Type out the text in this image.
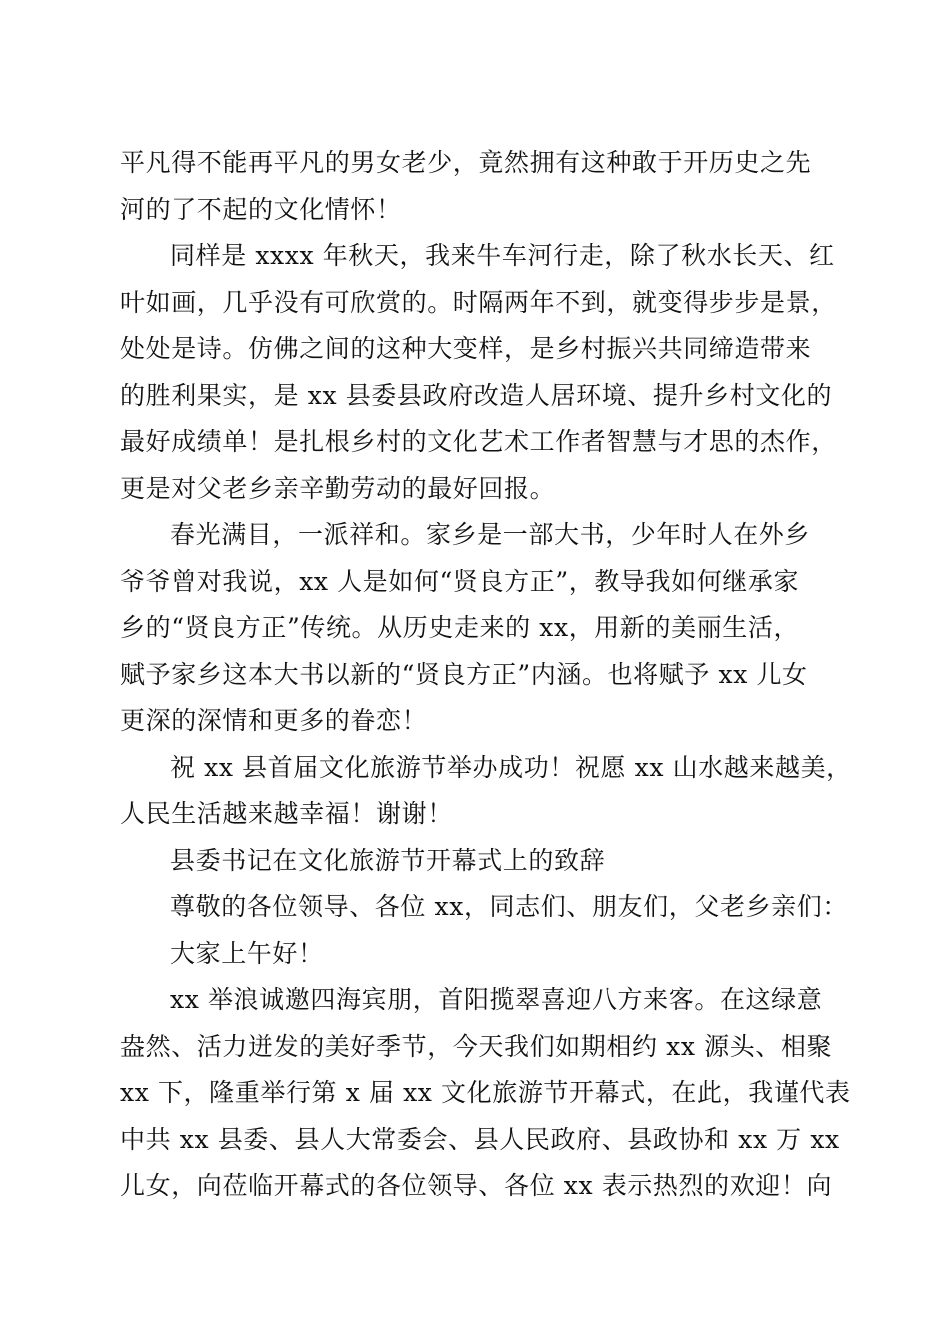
平凡得不能再平凡的男女老少，竟然拥有这种敢于开历史之先
河的了不起的文化情怀！
同样是 xxxx 年秋天，我来牛车河行走，除了秋水长天、红
叶如画，几乎没有可欣赏的。时隔两年不到，就变得步步是景，
处处是诗。仿佛之间的这种大变样，是乡村振兴共同缔造带来
的胜利果实，是 xx 县委县政府改造人居环境、提升乡村文化的
最好成绩单！是扎根乡村的文化艺术工作者智慧与才思的杰作，
更是对父老乡亲辛勤劳动的最好回报。
春光满目，一派祥和。家乡是一部大书，少年时人在外乡
爷爷曾对我说，xx 人是如何“贤良方正”，教导我如何继承家
乡的“贤良方正”传统。从历史走来的 xx，用新的美丽生活，
赋予家乡这本大书以新的“贤良方正”内涵。也将赋予 xx 儿女
更深的深情和更多的眷恋！
祝 xx 县首届文化旅游节举办成功！祝愿 xx 山水越来越美，
人民生活越来越幸福！谢谢！
县委书记在文化旅游节开幕式上的致辞
尊敬的各位领导、各位 xx，同志们、朋友们，父老乡亲们：
大家上午好！
xx 举浪诚邀四海宾朋，首阳揽翠喜迎八方来客。在这绿意
盎然、活力迸发的美好季节，今天我们如期相约 xx 源头、相聚
xx 下，隆重举行第 x 届 xx 文化旅游节开幕式，在此，我谨代表
中共 xx 县委、县人大常委会、县人民政府、县政协和 xx 万 xx
儿女，向莅临开幕式的各位领导、各位 xx 表示热烈的欢迎！向
